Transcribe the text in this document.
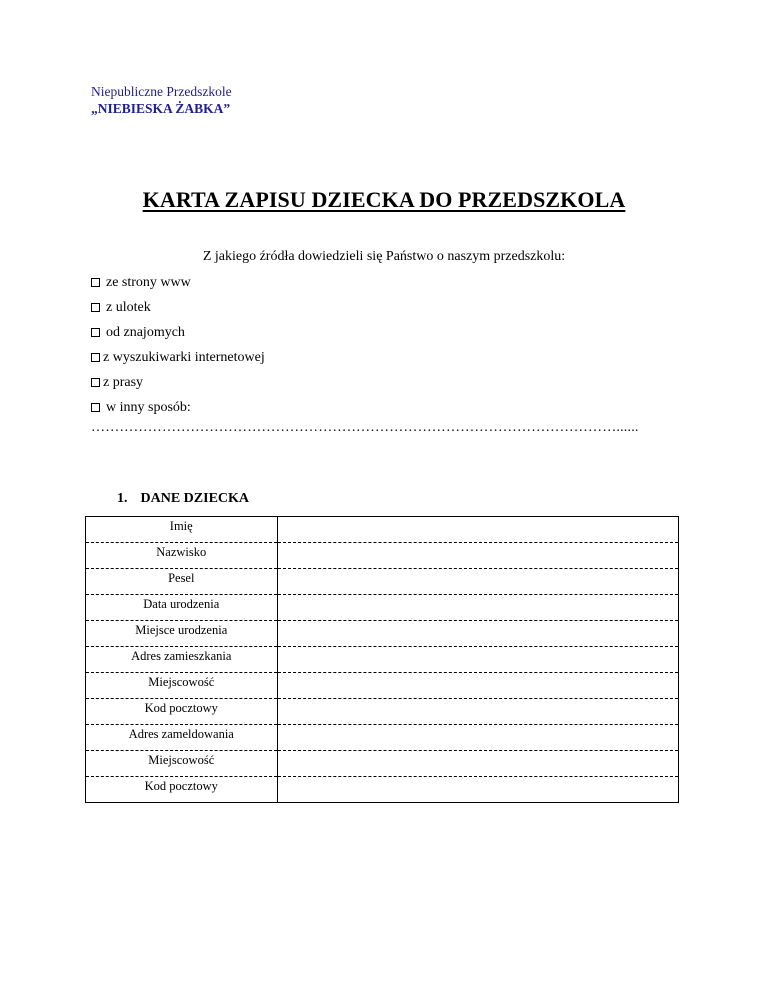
Niepubliczne Przedszkole
„NIEBIESKA ŻABKA”
KARTA ZAPISU DZIECKA DO PRZEDSZKOLA
Z jakiego źródła dowiedzieli się Państwo o naszym przedszkolu:
ze strony www
z ulotek
od znajomych
z wyszukiwarki internetowej
z prasy
w inny sposób:
…………………………………………………………………………………………………......
1. DANE DZIECKA
Imię	
Nazwisko	
Pesel	
Data urodzenia	
Miejsce urodzenia	
Adres zamieszkania	
Miejscowość	
Kod pocztowy	
Adres zameldowania	
Miejscowość	
Kod pocztowy	
